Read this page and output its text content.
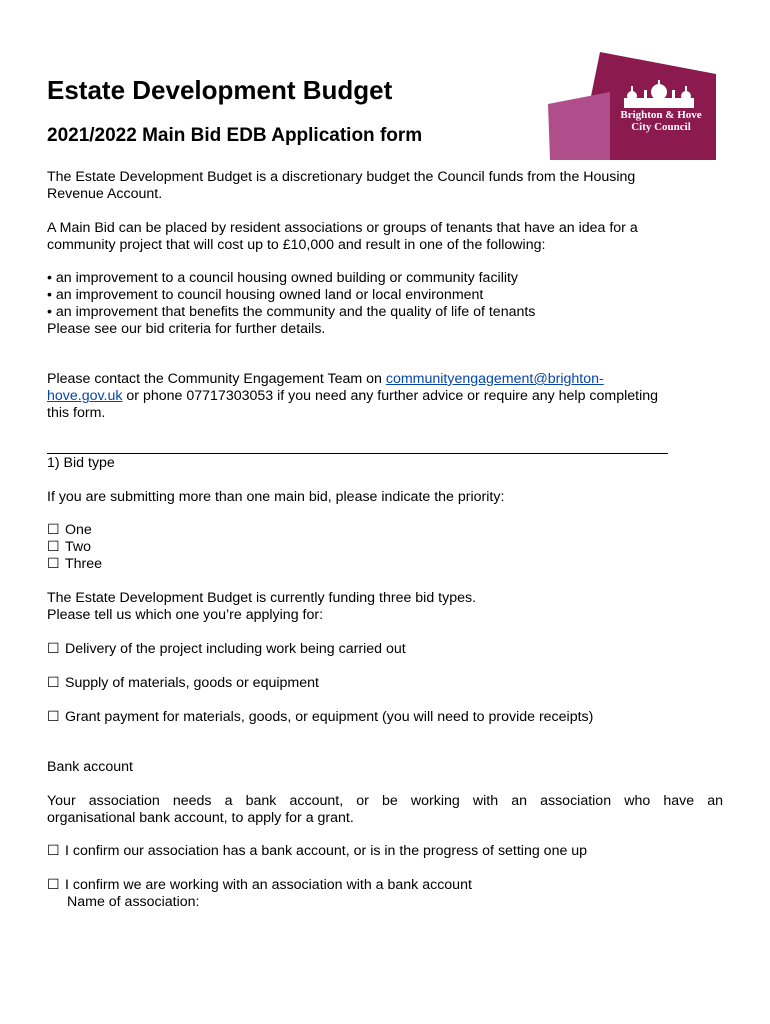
Estate Development Budget
2021/2022 Main Bid EDB Application form
Brighton & Hove
City Council

The Estate Development Budget is a discretionary budget the Council funds from the Housing
Revenue Account.

A Main Bid can be placed by resident associations or groups of tenants that have an idea for a
community project that will cost up to £10,000 and result in one of the following:

• an improvement to a council housing owned building or community facility
• an improvement to council housing owned land or local environment
• an improvement that benefits the community and the quality of life of tenants
Please see our bid criteria for further details.

Please contact the Community Engagement Team on communityengagement@brighton-
hove.gov.uk or phone 07717303053 if you need any further advice or require any help completing
this form.

1) Bid type
If you are submitting more than one main bid, please indicate the priority:
☐ One
☐ Two
☐ Three

The Estate Development Budget is currently funding three bid types.
Please tell us which one you’re applying for:

☐ Delivery of the project including work being carried out
☐ Supply of materials, goods or equipment
☐ Grant payment for materials, goods, or equipment (you will need to provide receipts)
Bank account

Your association needs a bank account, or be working with an association who have an
organisational bank account, to apply for a grant.

☐ I confirm our association has a bank account, or is in the progress of setting one up
☐ I confirm we are working with an association with a bank account
Name of association:
